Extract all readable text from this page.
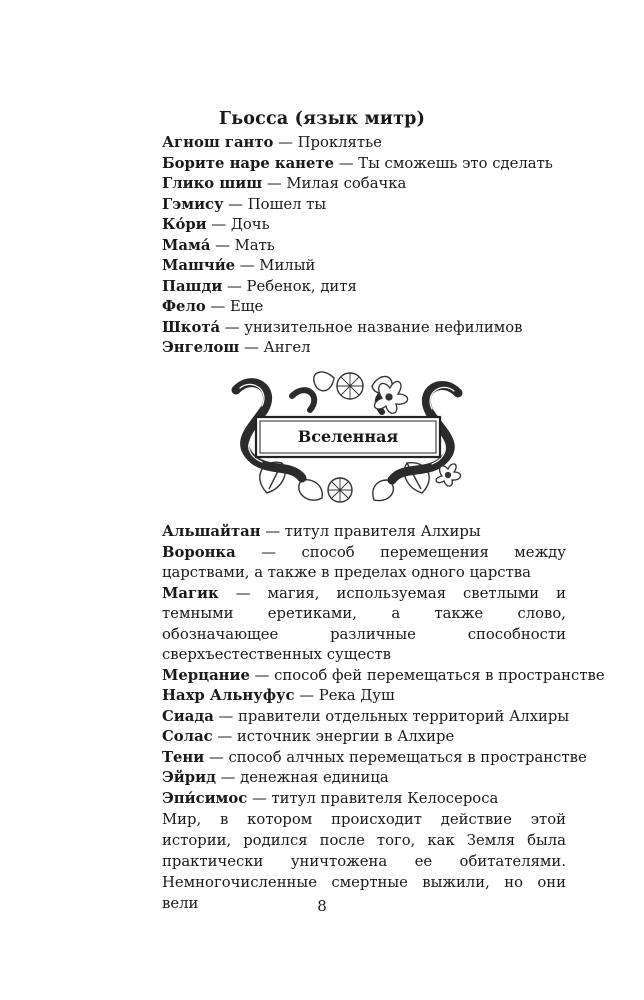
Гьосса (язык митр)
Агнош ганто — Проклятье
Борите наре канете — Ты сможешь это сделать
Глико шиш — Милая собачка
Гэмису — Пошел ты
Ко́ри — Дочь
Мама́ — Мать
Машчи́е — Милый
Пашди — Ребенок, дитя
Фело — Еще
Шкота́ — унизительное название нефилимов
Энгелош — Ангел
Вселенная
Альшайтан — титул правителя Алхиры
Воронка — способ перемещения между царствами, а также в пределах одного царства
Магик — магия, используемая светлыми и темными еретиками, а также слово, обозначающее различные способности сверхъестественных существ
Мерцание — способ фей перемещаться в пространстве
Нахр Альнуфус — Река Душ
Сиада — правители отдельных территорий Алхиры
Солас — источник энергии в Алхире
Тени — способ алчных перемещаться в пространстве
Эйрид — денежная единица
Эпи́симос — титул правителя Келосероса
Мир, в котором происходит действие этой истории, родился после того, как Земля была практически уничтожена ее обитателями. Немногочисленные смертные выжили, но они вели	8
